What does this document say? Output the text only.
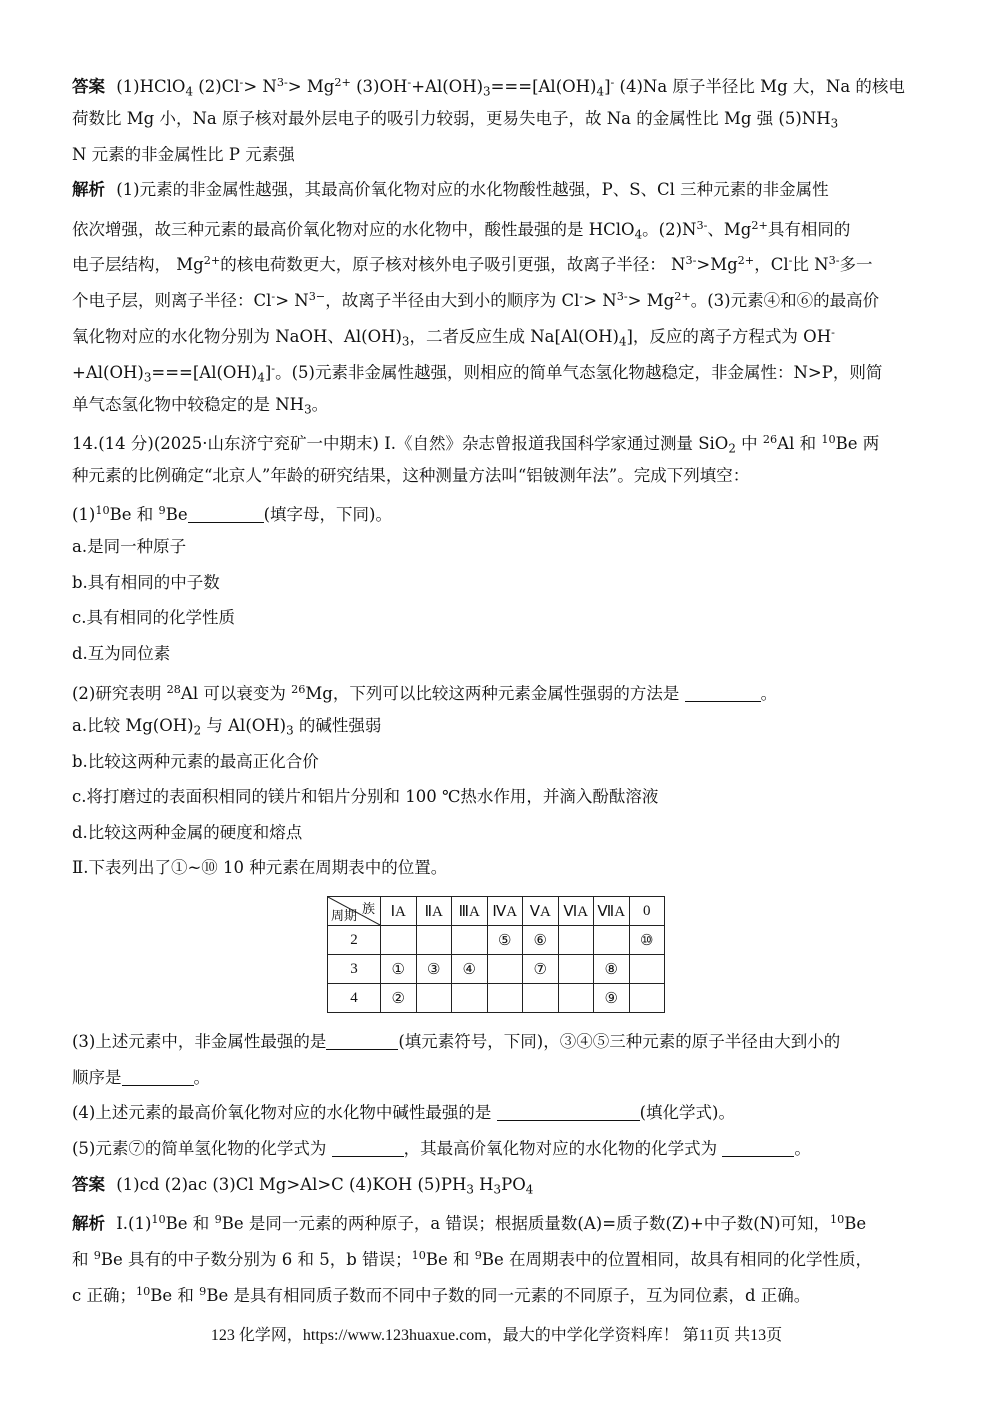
答案 (1)HClO$_4$ $(2)Cl^-> N^{3-}> Mg^{2+}$ $(3)OH^-+Al(OH)_3===[Al(OH)_4]^-$ (4)Na 原子半径比 Mg 大，Na 的核电
荷数比 Mg 小，Na 原子核对最外层电子的吸引力较弱，更易失电子，故 Na 的金属性比 Mg 强 $(5)NH_3$
N 元素的非金属性比 P 元素强
解析 (1)元素的非金属性越强，其最高价氧化物对应的水化物酸性越强，P、S、Cl 三种元素的非金属性
依次增强，故三种元素的最高价氧化物对应的水化物中，酸性最强的是 HClO$_4$。$(2)N^{3-}$、$Mg^{2+}$具有相同的
电子层结构， $Mg^{2+}$的核电荷数更大，原子核对核外电子吸引更强，故离子半径： $N^{3-}>Mg^{2+}$，Cl-比 $N^{3-}$多一
个电子层，则离子半径：$Cl^-> N^{3-}$，故离子半径由大到小的顺序为 $Cl^-> N^{3-}> Mg^{2+}$。(3)元素④和⑥的最高价
氧化物对应的水化物分别为 NaOH、$Al(OH)_3$，二者反应生成 $Na[Al(OH)_4]$，反应的离子方程式为 OH-
$+Al(OH)_3===[Al(OH)_4]^-$。(5)元素非金属性越强，则相应的简单气态氢化物越稳定，非金属性：N>P，则简
单气态氢化物中较稳定的是 $NH_3$。
14.(14 分)(2025·山东济宁兖矿一中期末) Ⅰ.《自然》杂志曾报道我国科学家通过测量 SiO$_2$ 中 $^{26}$Al 和 $^{10}$Be 两
种元素的比例确定“北京人”年龄的研究结果，这种测量方法叫“铝铍测年法”。完成下列填空：
$(1)^{10}Be$ 和 $^9$Be	(填字母，下同)。
a.是同一种原子
b.具有相同的中子数
c.具有相同的化学性质
d.互为同位素
(2)研究表明 $^{28}$Al 可以衰变为 $^{26}$Mg，下列可以比较这两种元素金属性强弱的方法是	。
a.比较 $Mg(OH)_2$ 与 $Al(OH)_3$ 的碱性强弱
b.比较这两种元素的最高正化合价
c.将打磨过的表面积相同的镁片和铝片分别和 100 ℃热水作用，并滴入酚酞溶液
d.比较这两种金属的硬度和熔点
Ⅱ.下表列出了①~⑩ 10 种元素在周期表中的位置。
族
周期	ⅠA	ⅡA	ⅢA	ⅣA	ⅤA	ⅥA	ⅦA	0
2				⑤	⑥			⑩
3	①	③	④		⑦		⑧	
4	②						⑨	
(3)上述元素中，非金属性最强的是	(填元素符号，下同)，③④⑤三种元素的原子半径由大到小的
顺序是	。
(4)上述元素的最高价氧化物对应的水化物中碱性最强的是	(填化学式)。
(5)元素⑦的简单氢化物的化学式为	，其最高价氧化物对应的水化物的化学式为	。
答案 (1)cd (2)ac (3)Cl Mg>Al>C (4)KOH $(5)PH_3$ $H_3PO_4$
解析 $Ⅰ.(1)^{10}Be$ 和 $^9$Be 是同一元素的两种原子，a 错误；根据质量数(A)=质子数(Z)+中子数(N)可知，$^{10}$Be
和 $^9$Be 具有的中子数分别为 6 和 5，b 错误；$^{10}$Be 和 $^9$Be 在周期表中的位置相同，故具有相同的化学性质，
c 正确；$^{10}$Be 和 $^9$Be 是具有相同质子数而不同中子数的同一元素的不同原子，互为同位素，d 正确。
123 化学网，https://www.123huaxue.com，最大的中学化学资料库！ 第11页 共13页
